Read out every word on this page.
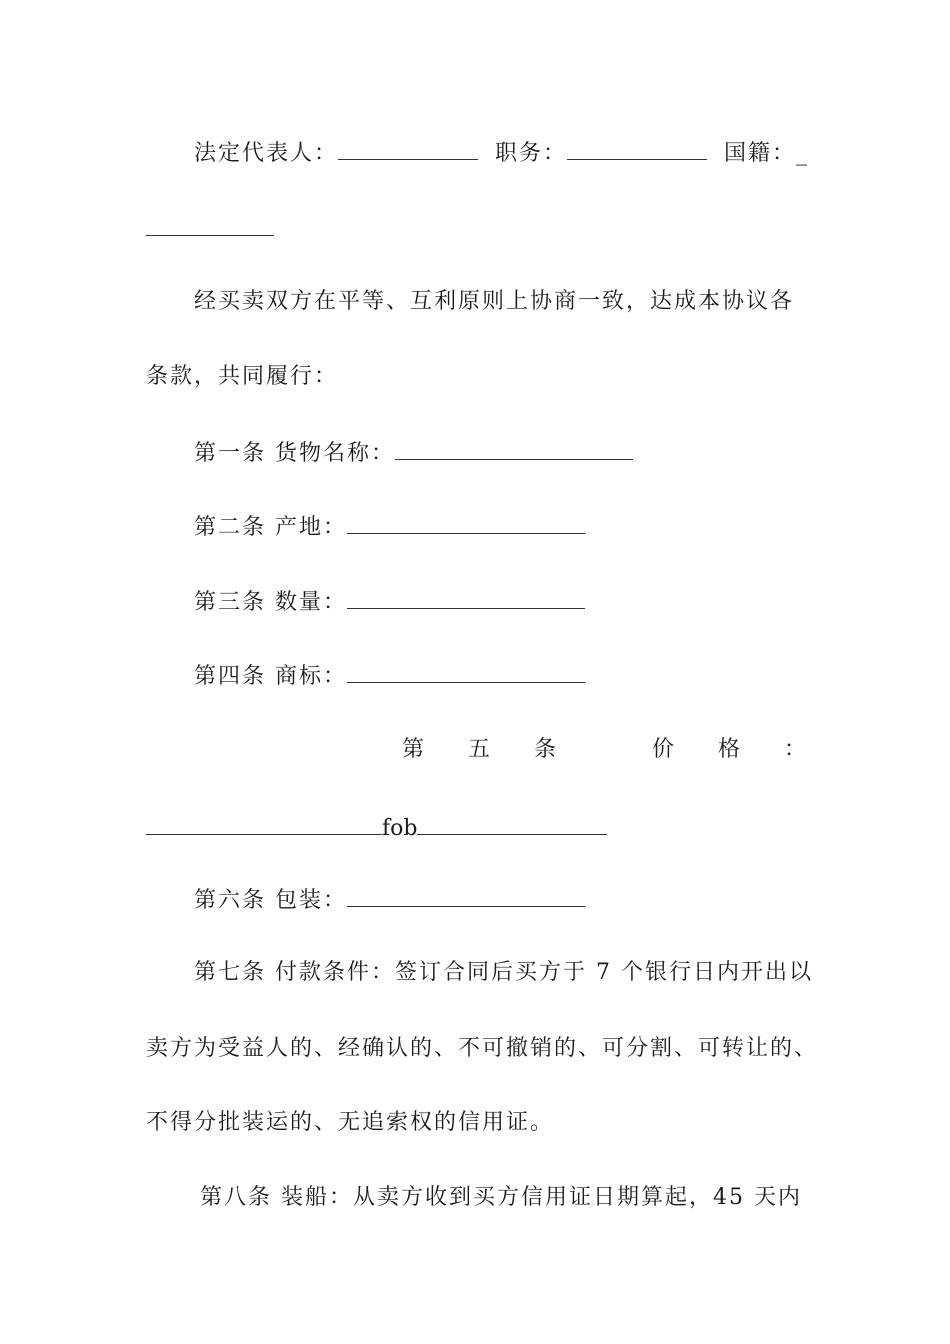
法定代表人：	职务：	国籍：_
经买卖双方在平等、互利原则上协商一致，达成本协议各
条款，共同履行：
第一条 货物名称：
第二条 产地：
第三条 数量：
第四条 商标：
第 五 条	价 格 ：
fob
第六条 包装：
第七条 付款条件：签订合同后买方于 7 个银行日内开出以
卖方为受益人的、经确认的、不可撤销的、可分割、可转让的、
不得分批装运的、无追索权的信用证。
第八条 装船：从卖方收到买方信用证日期算起，45 天内
